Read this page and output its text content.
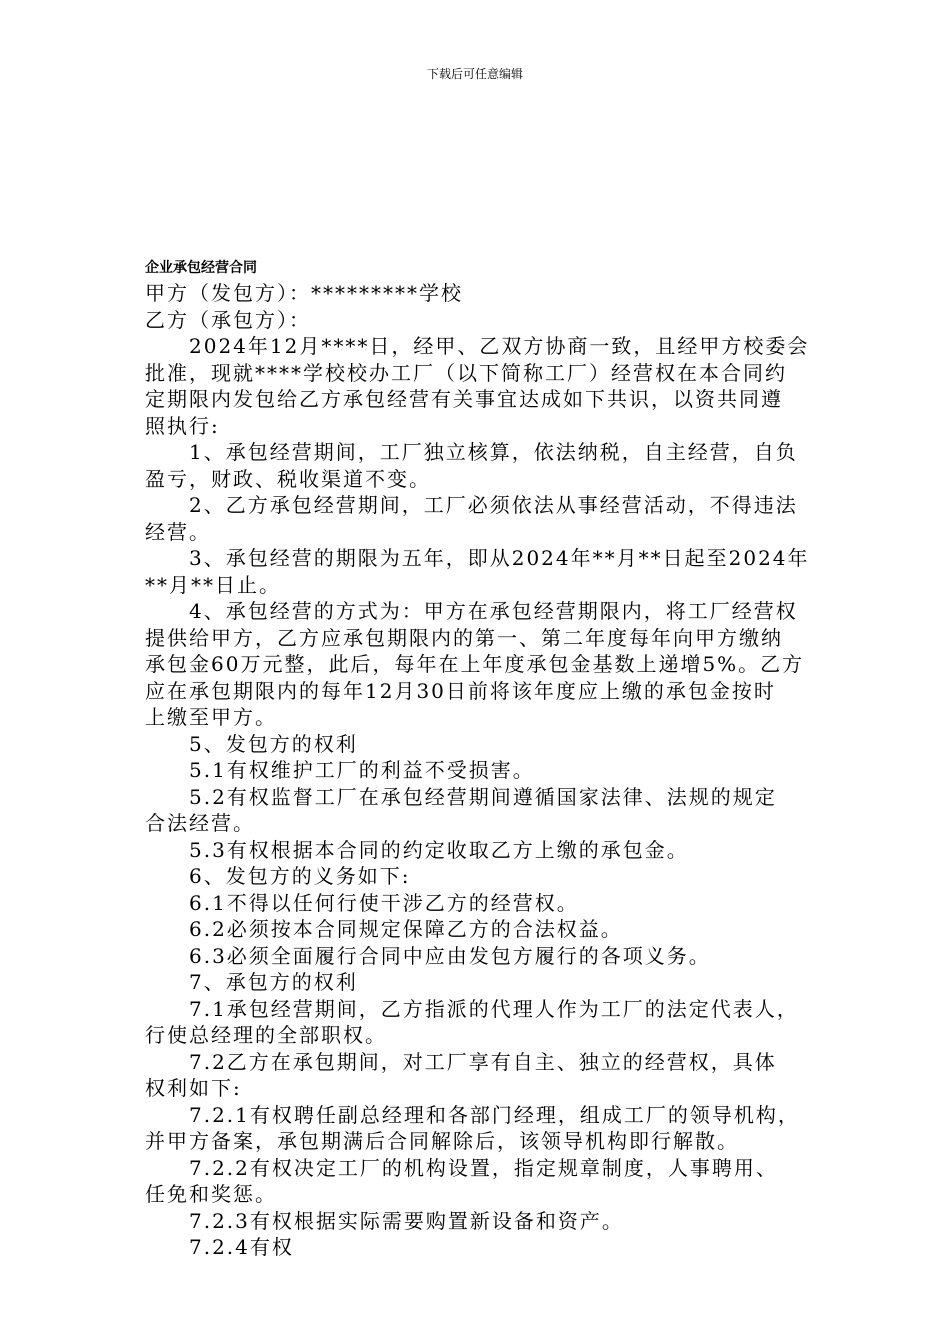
下载后可任意编辑
企业承包经营合同
甲方（发包方）：*********学校
乙方（承包方）：
2024年12月****日，经甲、乙双方协商一致，且经甲方校委会
批准，现就****学校校办工厂（以下简称工厂）经营权在本合同约
定期限内发包给乙方承包经营有关事宜达成如下共识，以资共同遵
照执行:
1、承包经营期间，工厂独立核算，依法纳税，自主经营，自负
盈亏，财政、税收渠道不变。
2、乙方承包经营期间，工厂必须依法从事经营活动，不得违法
经营。
3、承包经营的期限为五年，即从2024年**月**日起至2024年
**月**日止。
4、承包经营的方式为：甲方在承包经营期限内，将工厂经营权
提供给甲方，乙方应承包期限内的第一、第二年度每年向甲方缴纳
承包金60万元整，此后，每年在上年度承包金基数上递增5%。乙方
应在承包期限内的每年12月30日前将该年度应上缴的承包金按时
上缴至甲方。
5、发包方的权利
5.1有权维护工厂的利益不受损害。
5.2有权监督工厂在承包经营期间遵循国家法律、法规的规定
合法经营。
5.3有权根据本合同的约定收取乙方上缴的承包金。
6、发包方的义务如下:
6.1不得以任何行使干涉乙方的经营权。
6.2必须按本合同规定保障乙方的合法权益。
6.3必须全面履行合同中应由发包方履行的各项义务。
7、承包方的权利
7.1承包经营期间，乙方指派的代理人作为工厂的法定代表人，
行使总经理的全部职权。
7.2乙方在承包期间，对工厂享有自主、独立的经营权，具体
权利如下:
7.2.1有权聘任副总经理和各部门经理，组成工厂的领导机构，
并甲方备案，承包期满后合同解除后，该领导机构即行解散。
7.2.2有权决定工厂的机构设置，指定规章制度，人事聘用、
任免和奖惩。
7.2.3有权根据实际需要购置新设备和资产。
7.2.4有权
